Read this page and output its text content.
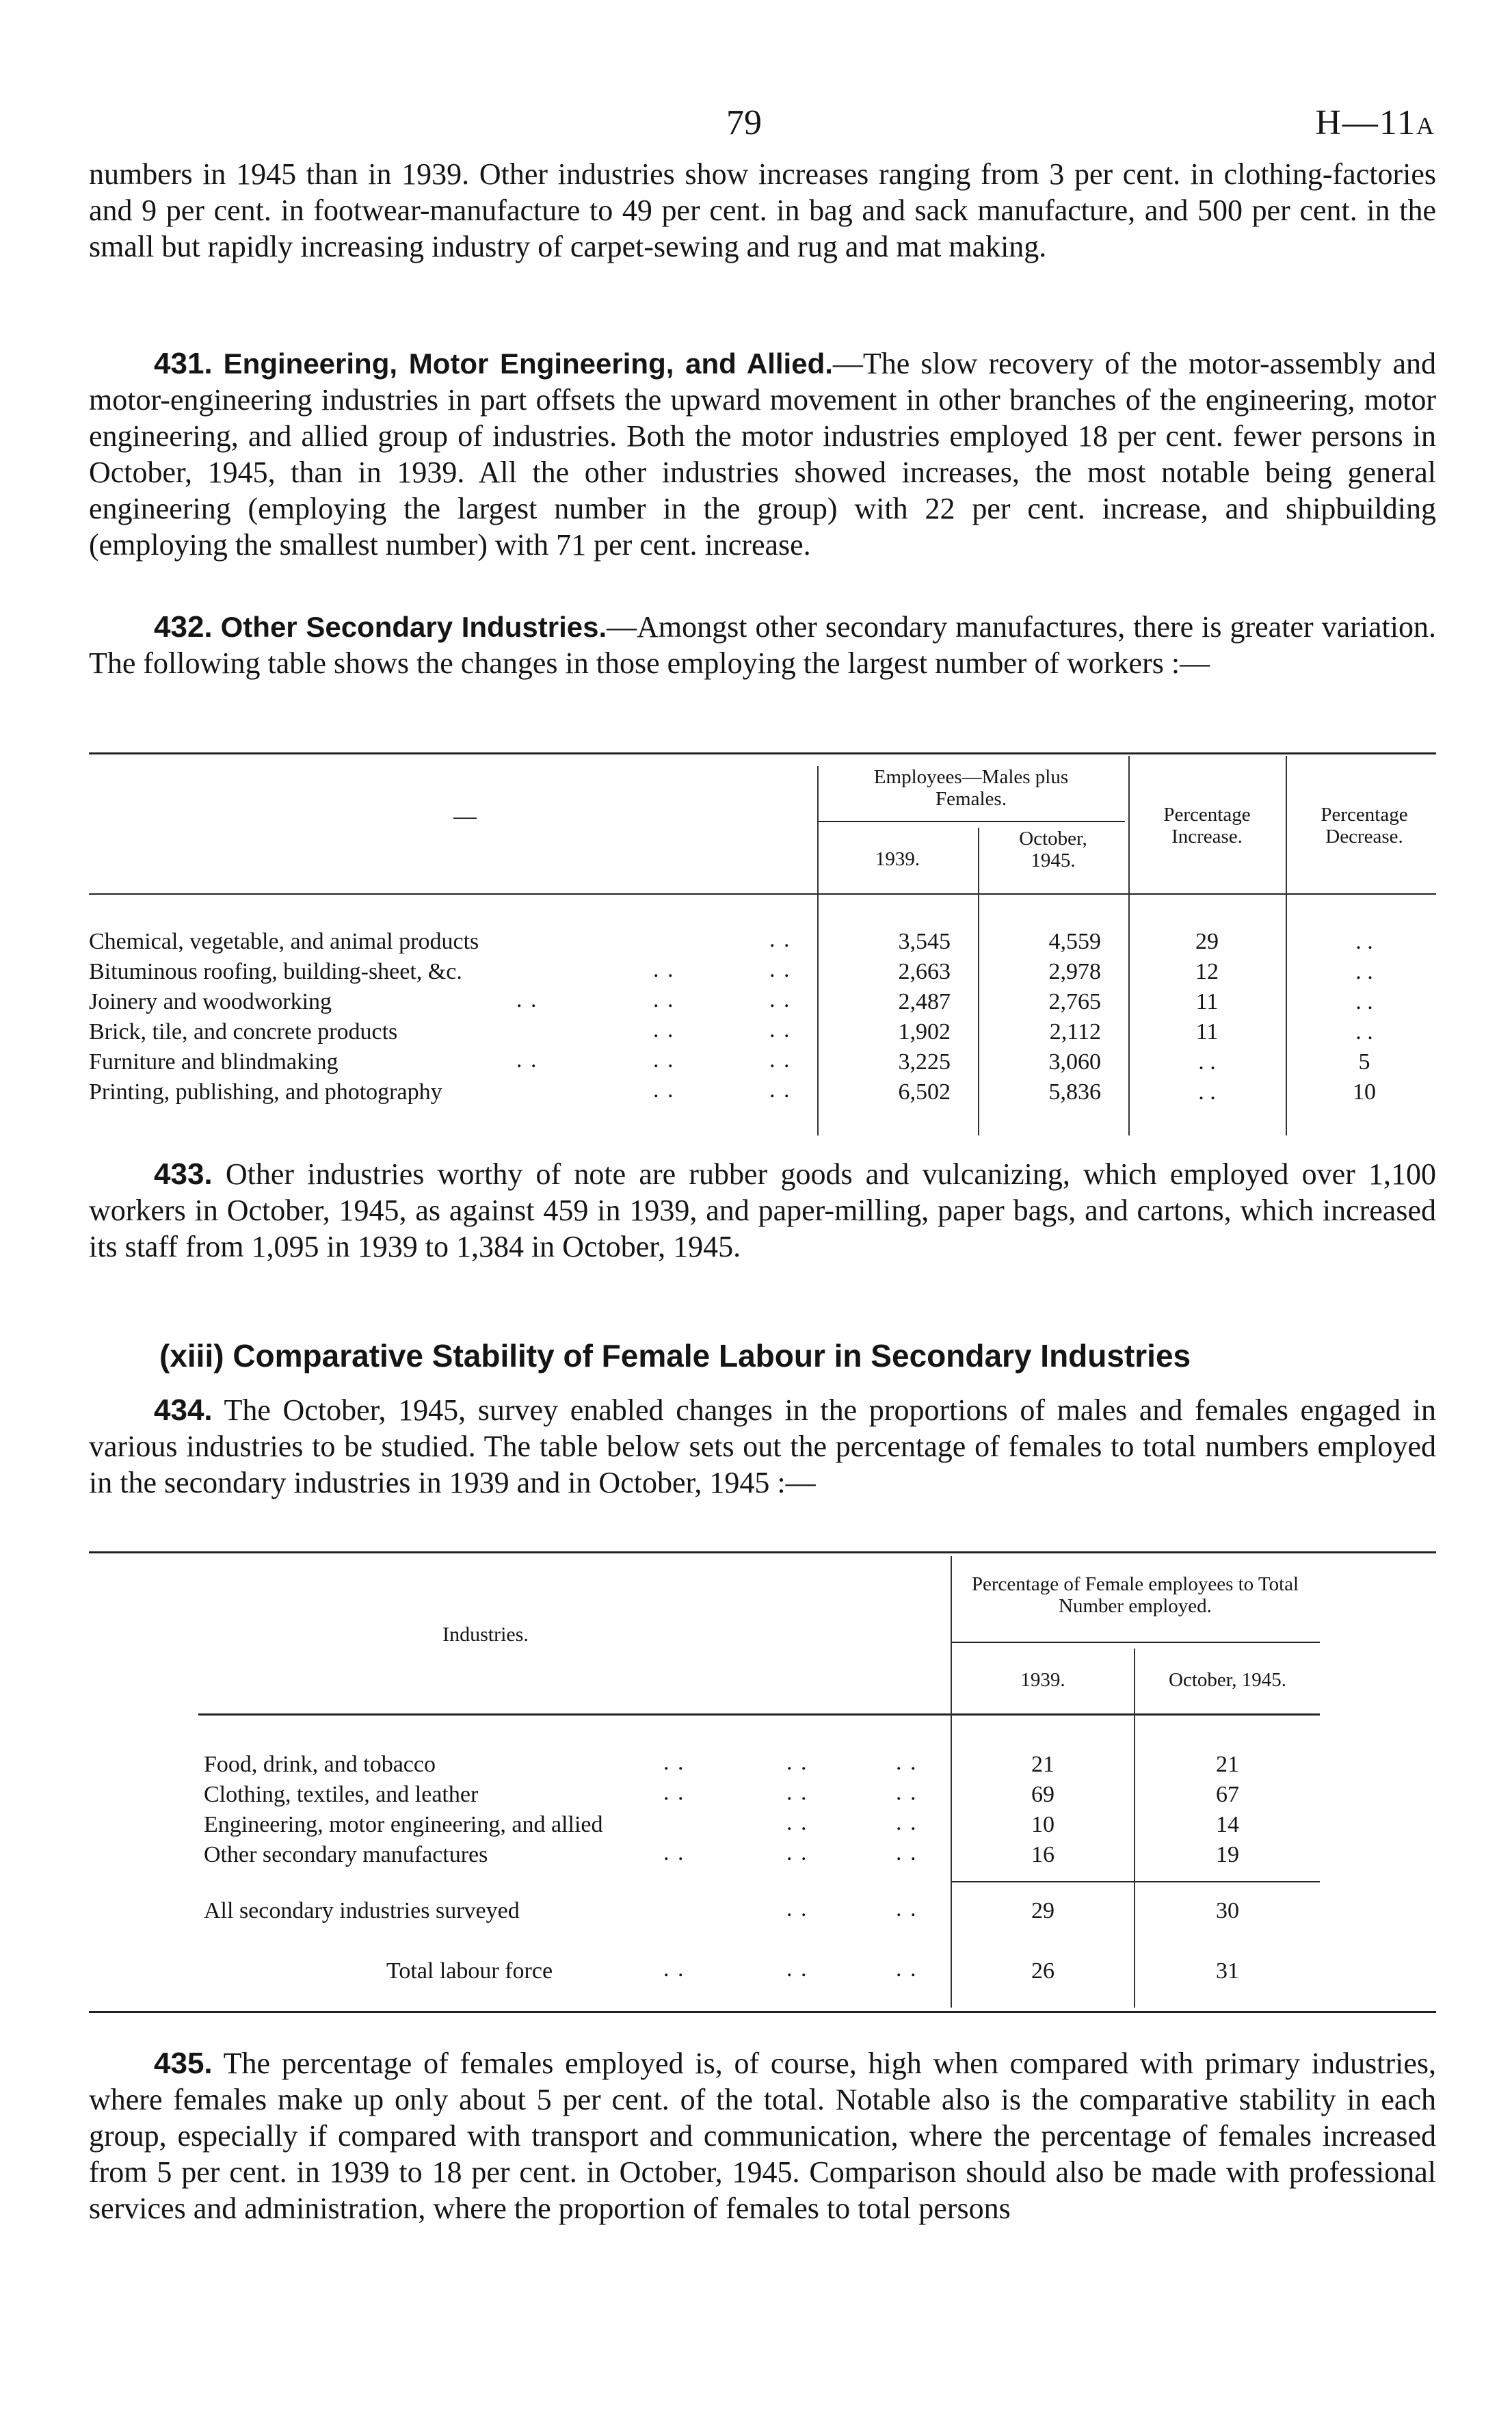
79	H—11A

numbers in 1945 than in 1939. Other industries show increases ranging from 3 per cent. in clothing-factories and 9 per cent. in footwear-manufacture to 49 per cent. in bag and sack manufacture, and 500 per cent. in the small but rapidly increasing industry of carpet-sewing and rug and mat making.

431. Engineering, Motor Engineering, and Allied.—The slow recovery of the motor-assembly and motor-engineering industries in part offsets the upward movement in other branches of the engineering, motor engineering, and allied group of industries. Both the motor industries employed 18 per cent. fewer persons in October, 1945, than in 1939. All the other industries showed increases, the most notable being general engineering (employing the largest number in the group) with 22 per cent. increase, and shipbuilding (employing the smallest number) with 71 per cent. increase.

432. Other Secondary Industries.—Amongst other secondary manufactures, there is greater variation. The following table shows the changes in those employing the largest number of workers :—

—
Employees—Males plus Females.
1939.
October, 1945.
Percentage Increase.
Percentage Decrease.
Chemical, vegetable, and animal products	. .	3,545	4,559	29	. .
Bituminous roofing, building-sheet, &c.	. .	. .	2,663	2,978	12	. .
Joinery and woodworking	. .	. .	. .	2,487	2,765	11	. .
Brick, tile, and concrete products	. .	. .	1,902	2,112	11	. .
Furniture and blindmaking	. .	. .	. .	3,225	3,060	. .	5
Printing, publishing, and photography	. .	. .	6,502	5,836	. .	10

433. Other industries worthy of note are rubber goods and vulcanizing, which employed over 1,100 workers in October, 1945, as against 459 in 1939, and paper-milling, paper bags, and cartons, which increased its staff from 1,095 in 1939 to 1,384 in October, 1945.

(xiii) Comparative Stability of Female Labour in Secondary Industries

434. The October, 1945, survey enabled changes in the proportions of males and females engaged in various industries to be studied. The table below sets out the percentage of females to total numbers employed in the secondary industries in 1939 and in October, 1945 :—

Industries.
Percentage of Female employees to Total Number employed.
1939.	October, 1945.
Food, drink, and tobacco	. .	. .	. .	21	21
Clothing, textiles, and leather	. .	. .	. .	69	67
Engineering, motor engineering, and allied	. .	. .	10	14
Other secondary manufactures	. .	. .	. .	16	19
All secondary industries surveyed	. .	. .	29	30
Total labour force	. .	. .	. .	26	31

435. The percentage of females employed is, of course, high when compared with primary industries, where females make up only about 5 per cent. of the total. Notable also is the comparative stability in each group, especially if compared with transport and communication, where the percentage of females increased from 5 per cent. in 1939 to 18 per cent. in October, 1945. Comparison should also be made with professional services and administration, where the proportion of females to total persons
